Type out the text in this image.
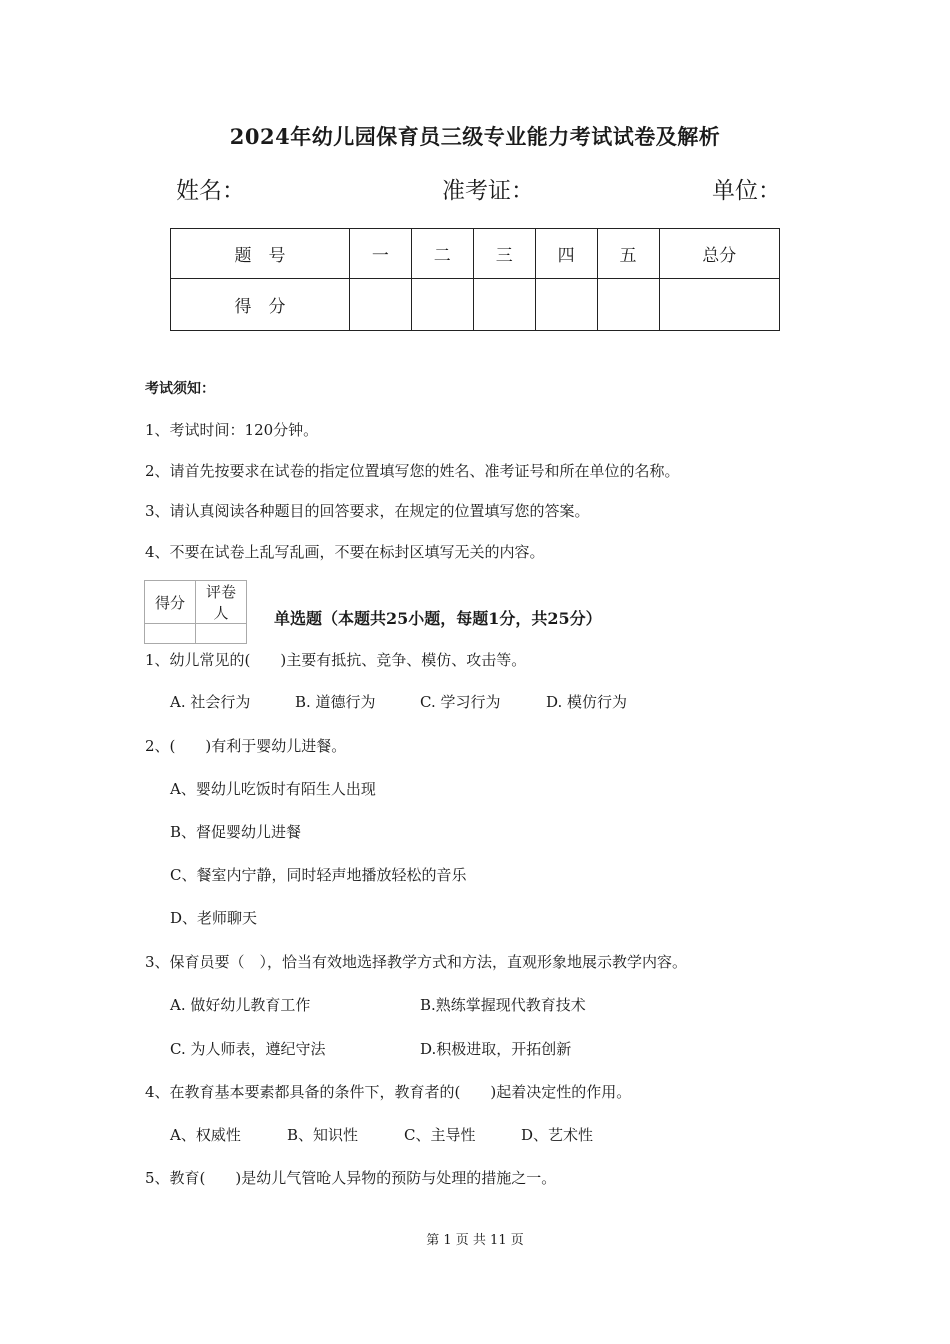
2024年幼儿园保育员三级专业能力考试试卷及解析
姓名：	准考证：	单位：
题　号	一	二	三	四	五	总分
得　分						
考试须知：
1、考试时间：120分钟。
2、请首先按要求在试卷的指定位置填写您的姓名、准考证号和所在单位的名称。
3、请认真阅读各种题目的回答要求，在规定的位置填写您的答案。
4、不要在试卷上乱写乱画，不要在标封区填写无关的内容。
得分	评卷人
		单选题（本题共25小题，每题1分，共25分）
1、幼儿常见的(　　)主要有抵抗、竞争、模仿、攻击等。
A. 社会行为	B. 道德行为	C. 学习行为	D. 模仿行为
2、(　　)有利于婴幼儿进餐。
A、婴幼儿吃饭时有陌生人出现
B、督促婴幼儿进餐
C、餐室内宁静，同时轻声地播放轻松的音乐
D、老师聊天
3、保育员要（　），恰当有效地选择教学方式和方法，直观形象地展示教学内容。
A. 做好幼儿教育工作	B.熟练掌握现代教育技术
C. 为人师表，遵纪守法	D.积极进取，开拓创新
4、在教育基本要素都具备的条件下，教育者的(　　)起着决定性的作用。
A、权威性	B、知识性	C、主导性	D、艺术性
5、教育(　　)是幼儿气管呛人异物的预防与处理的措施之一。
第 1 页 共 11 页
